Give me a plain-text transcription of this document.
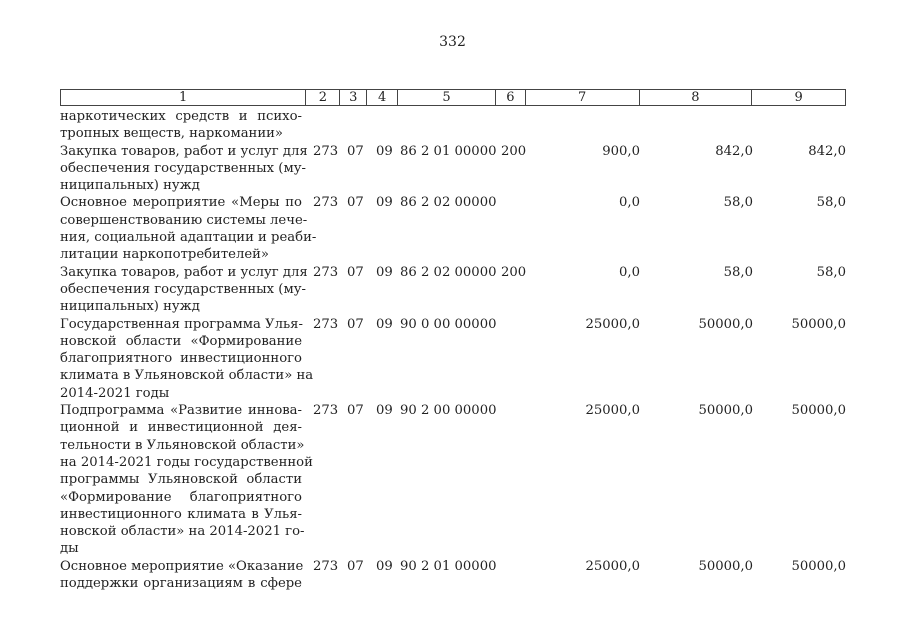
332
1	2	3	4	5	6	7	8	9
наркотических средств и психо-
тропных веществ, наркомании»
Закупка товаров, работ и услуг для
обеспечения государственных (му-
ниципальных) нужд
273 07 09 86 2 01 00000 200	900,0	842,0	842,0
Основное мероприятие «Меры по
совершенствованию системы лече-
ния, социальной адаптации и реаби-
литации наркопотребителей»
273 07 09 86 2 02 00000	0,0	58,0	58,0
Закупка товаров, работ и услуг для
обеспечения государственных (му-
ниципальных) нужд
273 07 09 86 2 02 00000 200	0,0	58,0	58,0
Государственная программа Улья-
новской области «Формирование
благоприятного инвестиционного
климата в Ульяновской области» на
2014-2021 годы
273 07 09 90 0 00 00000	25000,0	50000,0	50000,0
Подпрограмма «Развитие иннова-
ционной и инвестиционной дея-
тельности в Ульяновской области»
на 2014-2021 годы государственной
программы Ульяновской области
«Формирование благоприятного
инвестиционного климата в Улья-
новской области» на 2014-2021 го-
ды
273 07 09 90 2 00 00000	25000,0	50000,0	50000,0
Основное мероприятие «Оказание
поддержки организациям в сфере
273 07 09 90 2 01 00000	25000,0	50000,0	50000,0
